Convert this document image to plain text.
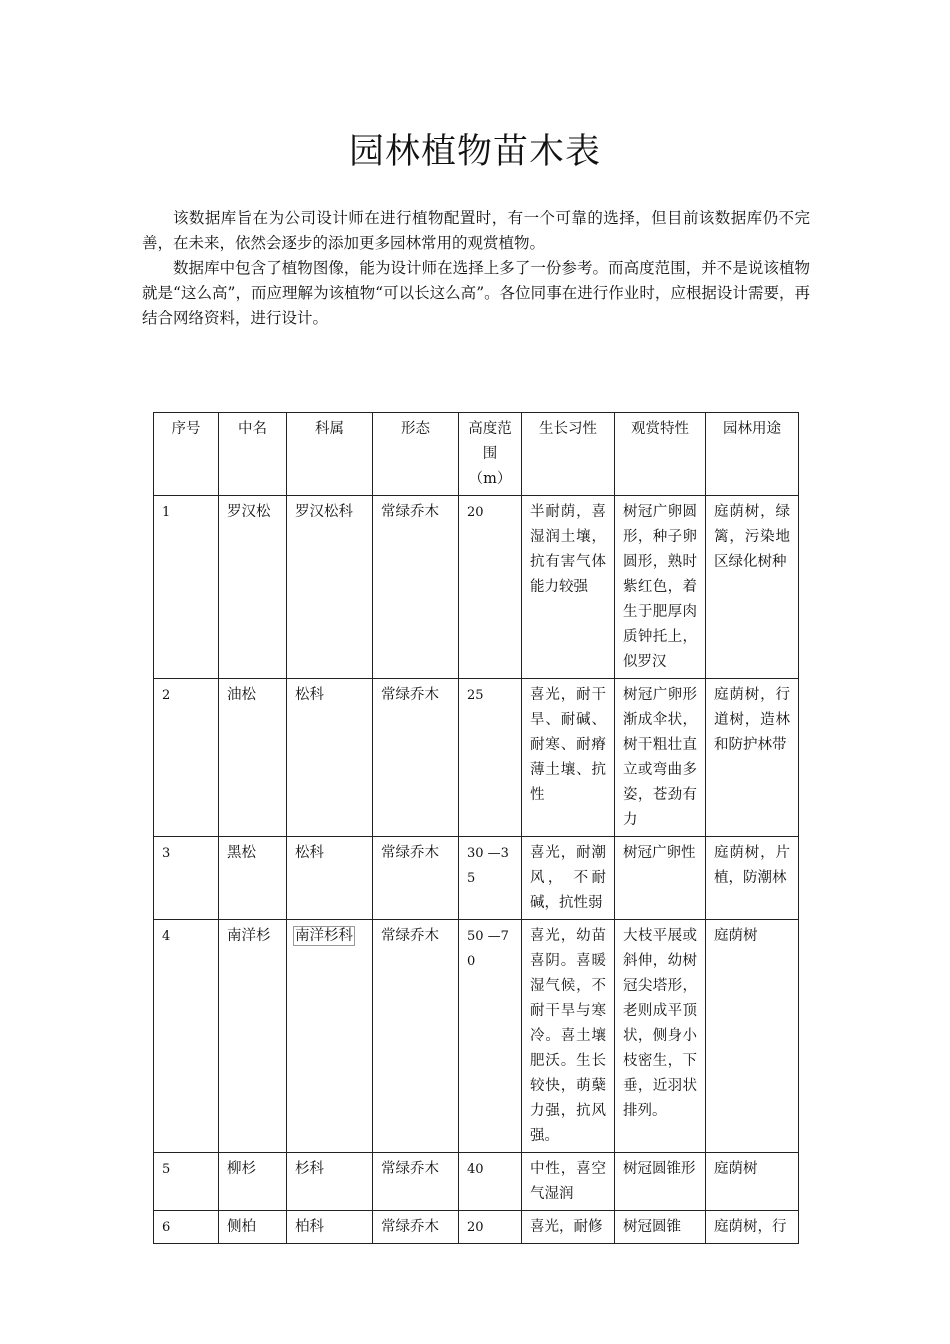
园林植物苗木表

该数据库旨在为公司设计师在进行植物配置时，有一个可靠的选择，但目前该数据库仍不完善，在未来，依然会逐步的添加更多园林常用的观赏植物。

数据库中包含了植物图像，能为设计师在选择上多了一份参考。而高度范围，并不是说该植物就是“这么高”，而应理解为该植物“可以长这么高”。各位同事在进行作业时，应根据设计需要，再结合网络资料，进行设计。

序号	中名	科属	形态	高度范围（m）	生长习性	观赏特性	园林用途
1	罗汉松	罗汉松科	常绿乔木	20	半耐荫，喜湿润土壤，抗有害气体能力较强	树冠广卵圆形，种子卵圆形，熟时紫红色，着生于肥厚肉质钟托上，似罗汉	庭荫树，绿篱，污染地区绿化树种
2	油松	松科	常绿乔木	25	喜光，耐干旱、耐碱、耐寒、耐瘠薄土壤、抗性	树冠广卵形渐成伞状，树干粗壮直立或弯曲多姿，苍劲有力	庭荫树，行道树，造林和防护林带
3	黑松	松科	常绿乔木	30 —35	喜光，耐潮风， 不耐碱，抗性弱	树冠广卵性	庭荫树，片植，防潮林
4	南洋杉	南洋杉科	常绿乔木	50 —70	喜光，幼苗喜阴。喜暖湿气候，不耐干旱与寒冷。喜土壤肥沃。生长较快，萌蘖力强，抗风强。	大枝平展或斜伸，幼树冠尖塔形，老则成平顶状，侧身小枝密生，下垂，近羽状排列。	庭荫树
5	柳杉	杉科	常绿乔木	40	中性，喜空气湿润	树冠圆锥形	庭荫树
6	侧柏	柏科	常绿乔木	20	喜光，耐修	树冠圆锥	庭荫树，行
